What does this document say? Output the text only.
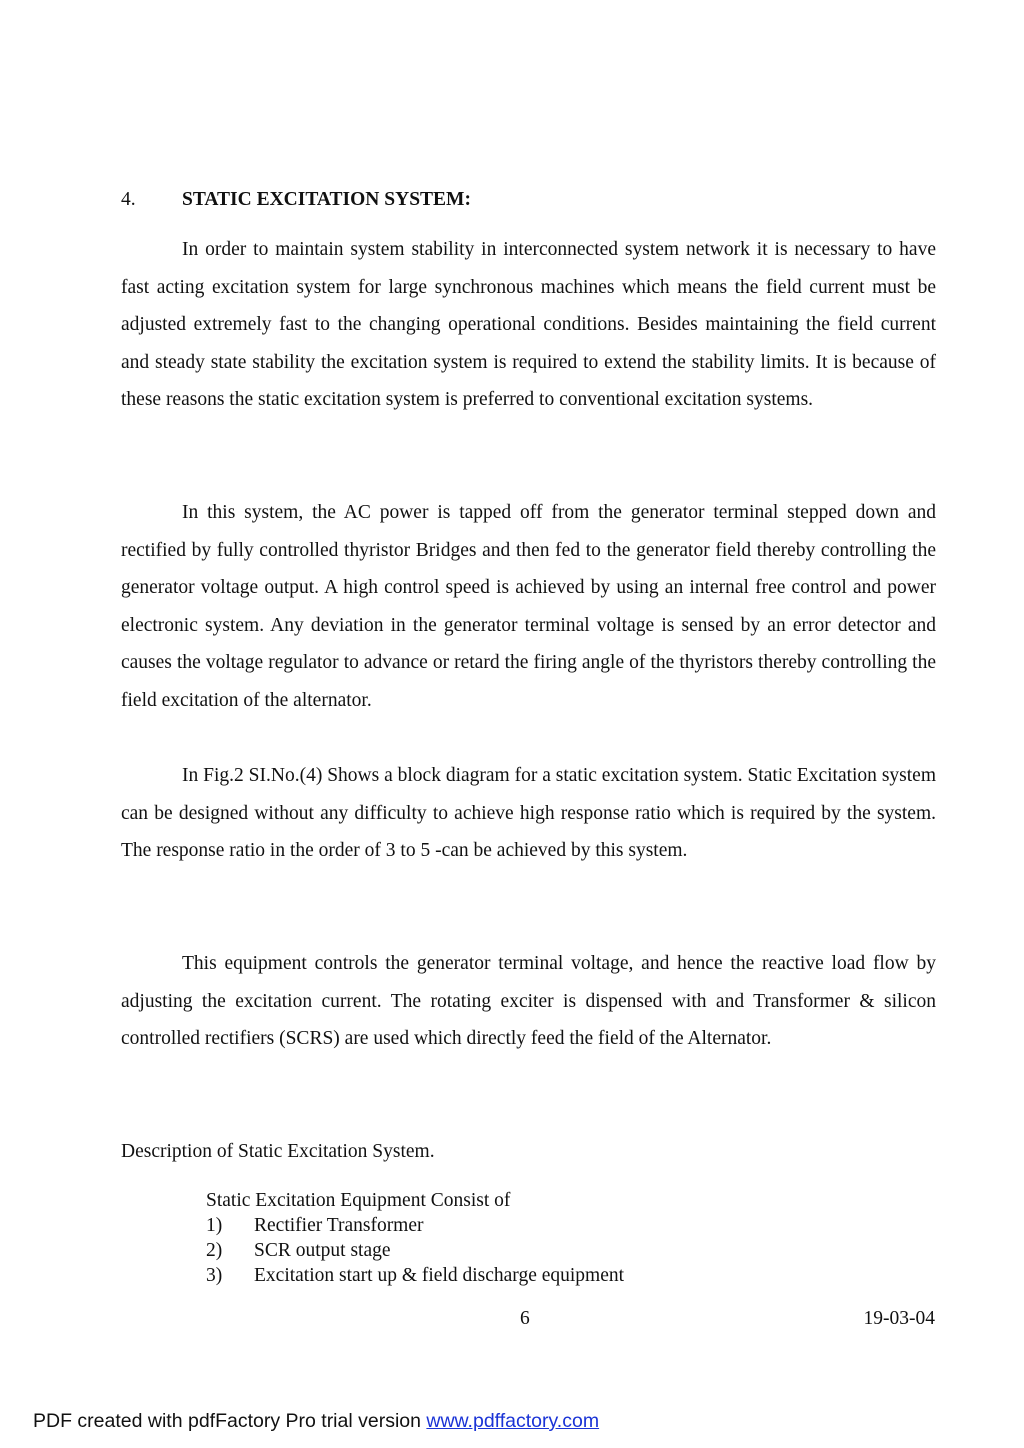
4. STATIC EXCITATION SYSTEM:

In order to maintain system stability in interconnected system network it is necessary to have fast acting excitation system for large synchronous machines which means the field current must be adjusted extremely fast to the changing operational conditions. Besides maintaining the field current and steady state stability the excitation system is required to extend the stability limits. It is because of these reasons the static excitation system is preferred to conventional excitation systems.

In this system, the AC power is tapped off from the generator terminal stepped down and rectified by fully controlled thyristor Bridges and then fed to the generator field thereby controlling the generator voltage output. A high control speed is achieved by using an internal free control and power electronic system. Any deviation in the generator terminal voltage is sensed by an error detector and causes the voltage regulator to advance or retard the firing angle of the thyristors thereby controlling the field excitation of the alternator.

In Fig.2 SI.No.(4) Shows a block diagram for a static excitation system. Static Excitation system can be designed without any difficulty to achieve high response ratio which is required by the system. The response ratio in the order of 3 to 5 -can be achieved by this system.

This equipment controls the generator terminal voltage, and hence the reactive load flow by adjusting the excitation current. The rotating exciter is dispensed with and Transformer & silicon controlled rectifiers (SCRS) are used which directly feed the field of the Alternator.

Description of Static Excitation System.
Static Excitation Equipment Consist of
1) Rectifier Transformer
2) SCR output stage
3) Excitation start up & field discharge equipment
6	19-03-04
PDF created with pdfFactory Pro trial version www.pdffactory.com
